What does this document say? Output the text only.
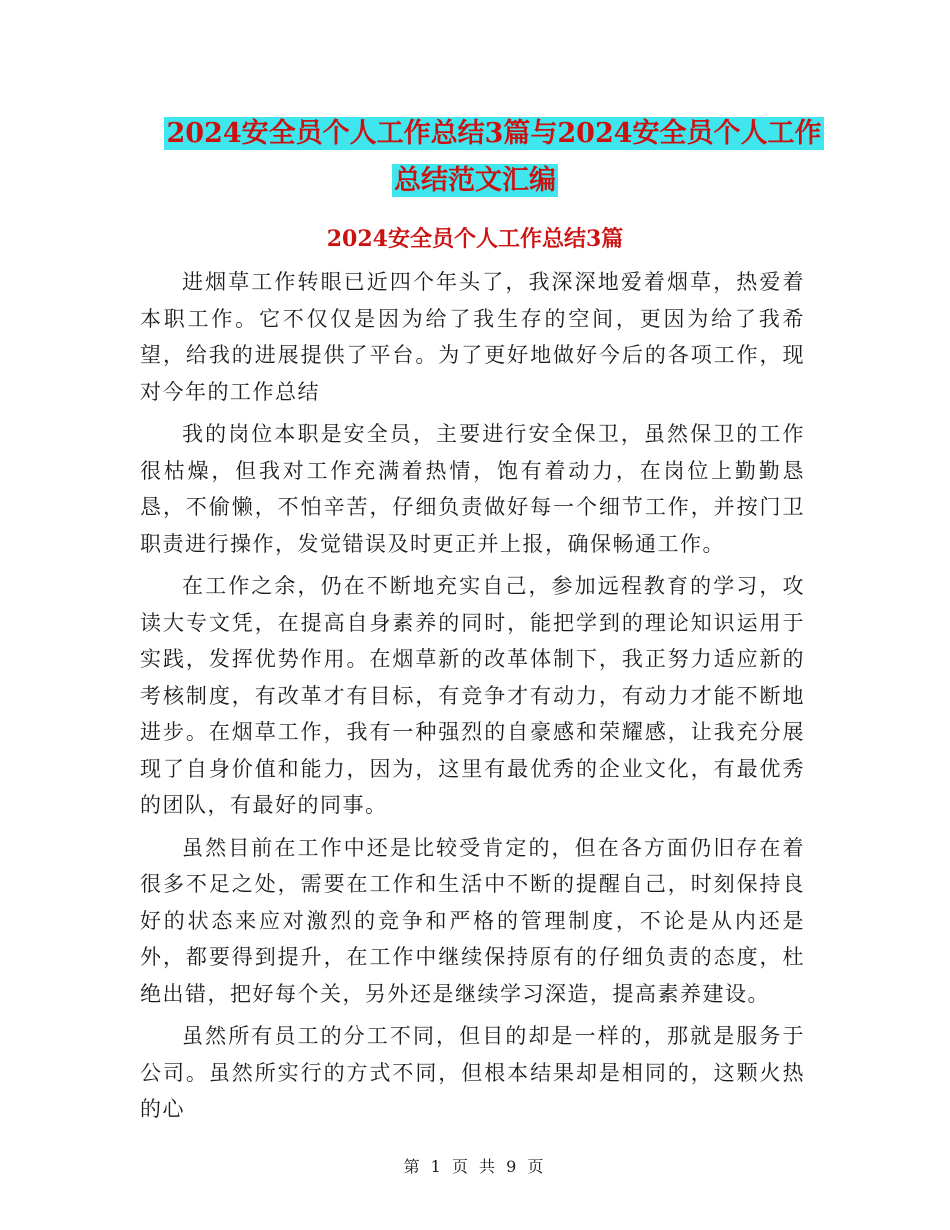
2024安全员个人工作总结3篇与2024安全员个人工作
总结范文汇编
2024安全员个人工作总结3篇

进烟草工作转眼已近四个年头了，我深深地爱着烟草，热爱着本职工作。它不仅仅是因为给了我生存的空间，更因为给了我希望，给我的进展提供了平台。为了更好地做好今后的各项工作，现对今年的工作总结

我的岗位本职是安全员，主要进行安全保卫，虽然保卫的工作很枯燥，但我对工作充满着热情，饱有着动力，在岗位上勤勤恳恳，不偷懒，不怕辛苦，仔细负责做好每一个细节工作，并按门卫职责进行操作，发觉错误及时更正并上报，确保畅通工作。

在工作之余，仍在不断地充实自己，参加远程教育的学习，攻读大专文凭，在提高自身素养的同时，能把学到的理论知识运用于实践，发挥优势作用。在烟草新的改革体制下，我正努力适应新的考核制度，有改革才有目标，有竞争才有动力，有动力才能不断地进步。在烟草工作，我有一种强烈的自豪感和荣耀感，让我充分展现了自身价值和能力，因为，这里有最优秀的企业文化，有最优秀的团队，有最好的同事。

虽然目前在工作中还是比较受肯定的，但在各方面仍旧存在着很多不足之处，需要在工作和生活中不断的提醒自己，时刻保持良好的状态来应对激烈的竞争和严格的管理制度，不论是从内还是外，都要得到提升，在工作中继续保持原有的仔细负责的态度，杜绝出错，把好每个关，另外还是继续学习深造，提高素养建设。

虽然所有员工的分工不同，但目的却是一样的，那就是服务于公司。虽然所实行的方式不同，但根本结果却是相同的，这颗火热的心

第 1 页 共 9 页
